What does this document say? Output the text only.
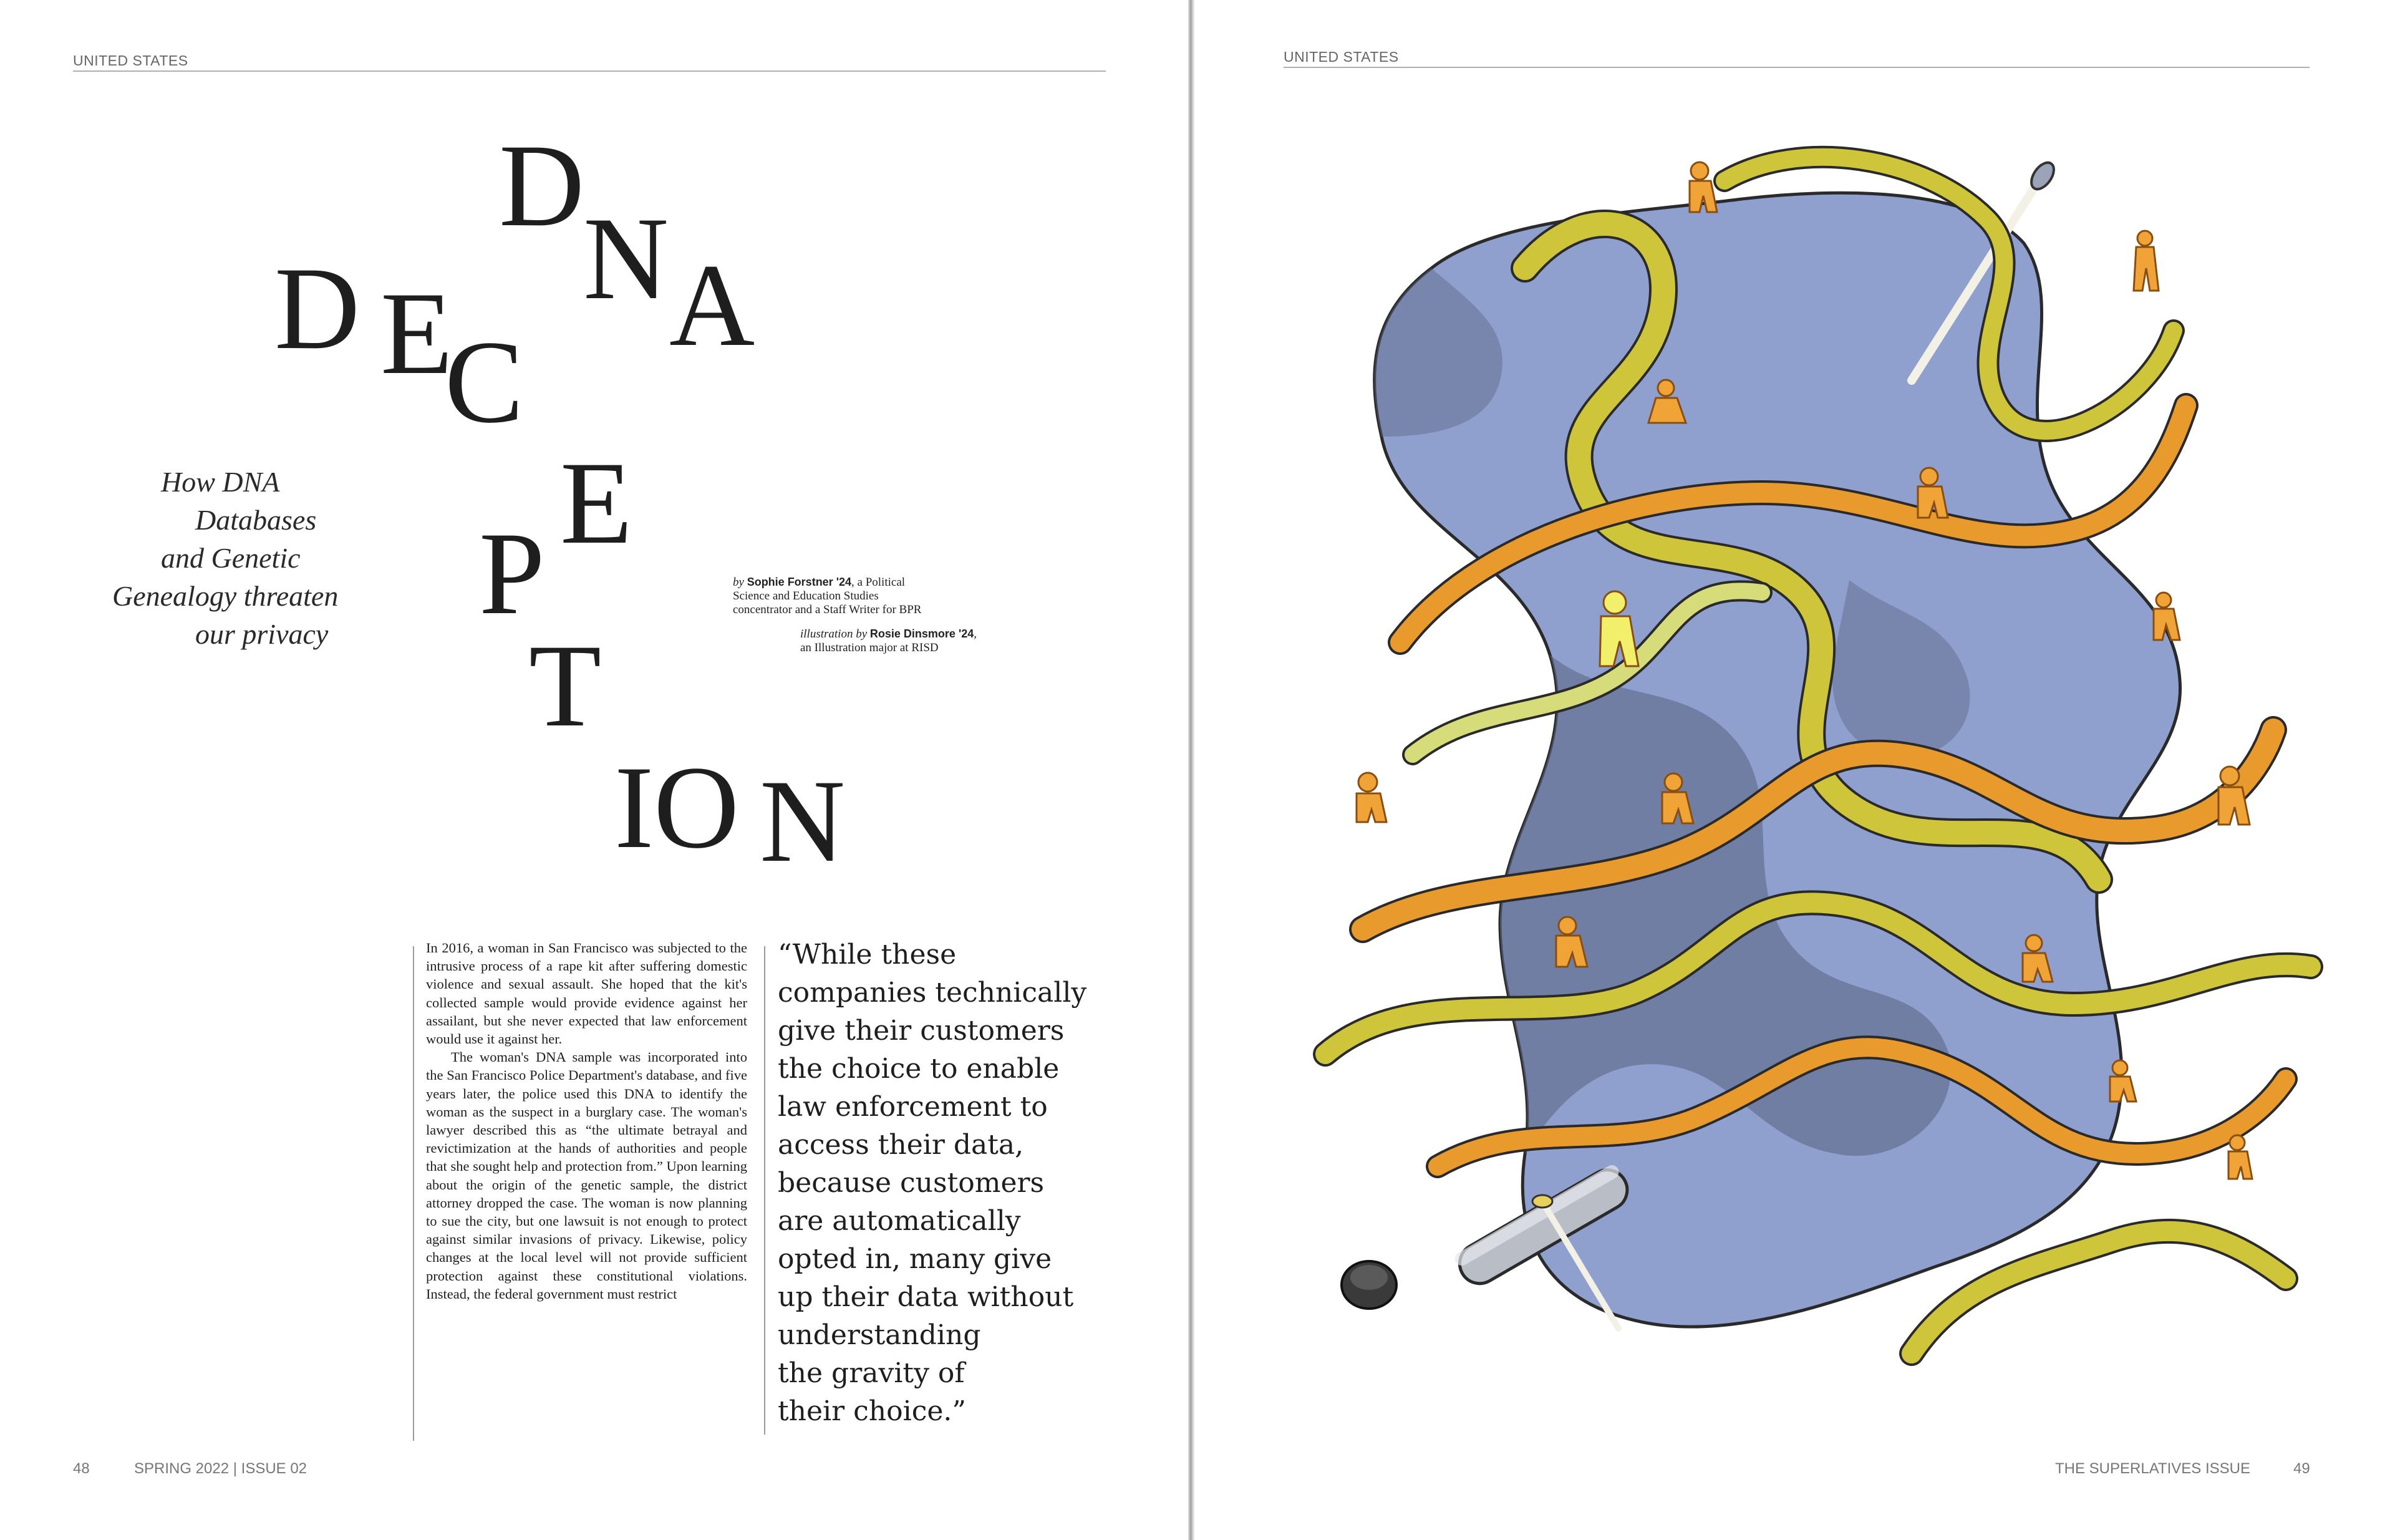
UNITED STATES
D
N A
D E
C
E
P
T
I O N
How DNA
Databases
and Genetic
Genealogy threaten
our privacy
by Sophie Forstner '24, a Political
Science and Education Studies
concentrator and a Staff Writer for BPR
illustration by Rosie Dinsmore '24,
an Illustration major at RISD

In 2016, a woman in San Francisco was subjected to the intrusive process of a rape kit after suffering domestic violence and sexual assault. She hoped that the kit's collected sample would provide evidence against her assailant, but she never expected that law enforcement would use it against her.

The woman's DNA sample was incorporated into the San Francisco Police Department's database, and five years later, the police used this DNA to identify the woman as the suspect in a burglary case. The woman's lawyer described this as “the ultimate betrayal and revictimization at the hands of authorities and people that she sought help and protection from.” Upon learning about the origin of the genetic sample, the district attorney dropped the case. The woman is now planning to sue the city, but one lawsuit is not enough to protect against similar invasions of privacy. Likewise, policy changes at the local level will not provide sufficient protection against these constitutional violations. Instead, the federal government must restrict

“While these
companies technically
give their customers
the choice to enable
law enforcement to
access their data,
because customers
are automatically
opted in, many give
up their data without
understanding
the gravity of
their choice.”
48	SPRING 2022 | ISSUE 02
UNITED STATES
THE SUPERLATIVES ISSUE	49
